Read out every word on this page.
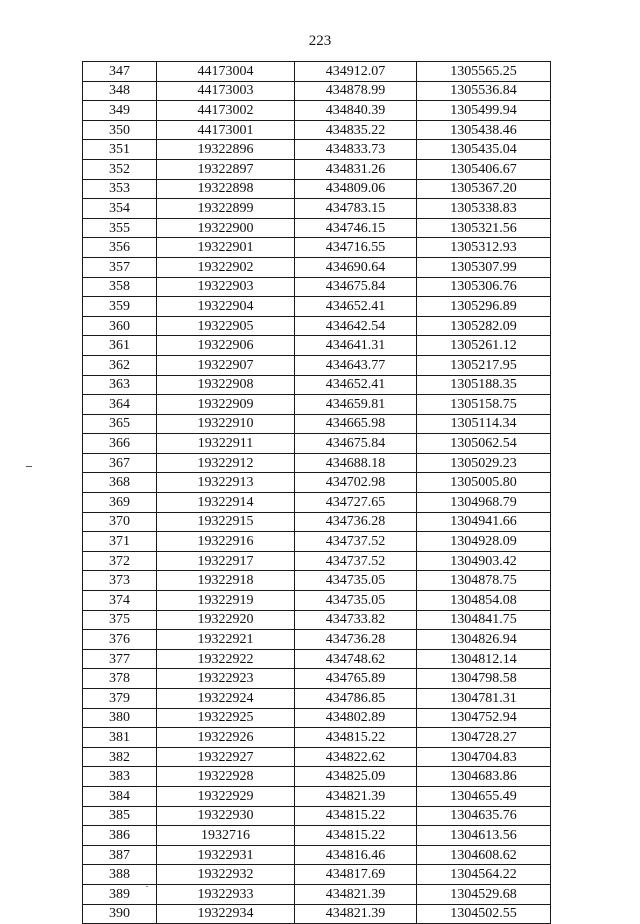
223
347	44173004	434912.07	1305565.25
348	44173003	434878.99	1305536.84
349	44173002	434840.39	1305499.94
350	44173001	434835.22	1305438.46
351	19322896	434833.73	1305435.04
352	19322897	434831.26	1305406.67
353	19322898	434809.06	1305367.20
354	19322899	434783.15	1305338.83
355	19322900	434746.15	1305321.56
356	19322901	434716.55	1305312.93
357	19322902	434690.64	1305307.99
358	19322903	434675.84	1305306.76
359	19322904	434652.41	1305296.89
360	19322905	434642.54	1305282.09
361	19322906	434641.31	1305261.12
362	19322907	434643.77	1305217.95
363	19322908	434652.41	1305188.35
364	19322909	434659.81	1305158.75
365	19322910	434665.98	1305114.34
366	19322911	434675.84	1305062.54
367	19322912	434688.18	1305029.23
368	19322913	434702.98	1305005.80
369	19322914	434727.65	1304968.79
370	19322915	434736.28	1304941.66
371	19322916	434737.52	1304928.09
372	19322917	434737.52	1304903.42
373	19322918	434735.05	1304878.75
374	19322919	434735.05	1304854.08
375	19322920	434733.82	1304841.75
376	19322921	434736.28	1304826.94
377	19322922	434748.62	1304812.14
378	19322923	434765.89	1304798.58
379	19322924	434786.85	1304781.31
380	19322925	434802.89	1304752.94
381	19322926	434815.22	1304728.27
382	19322927	434822.62	1304704.83
383	19322928	434825.09	1304683.86
384	19322929	434821.39	1304655.49
385	19322930	434815.22	1304635.76
386	1932716	434815.22	1304613.56
387	19322931	434816.46	1304608.62
388	19322932	434817.69	1304564.22
389	19322933	434821.39	1304529.68
390	19322934	434821.39	1304502.55
